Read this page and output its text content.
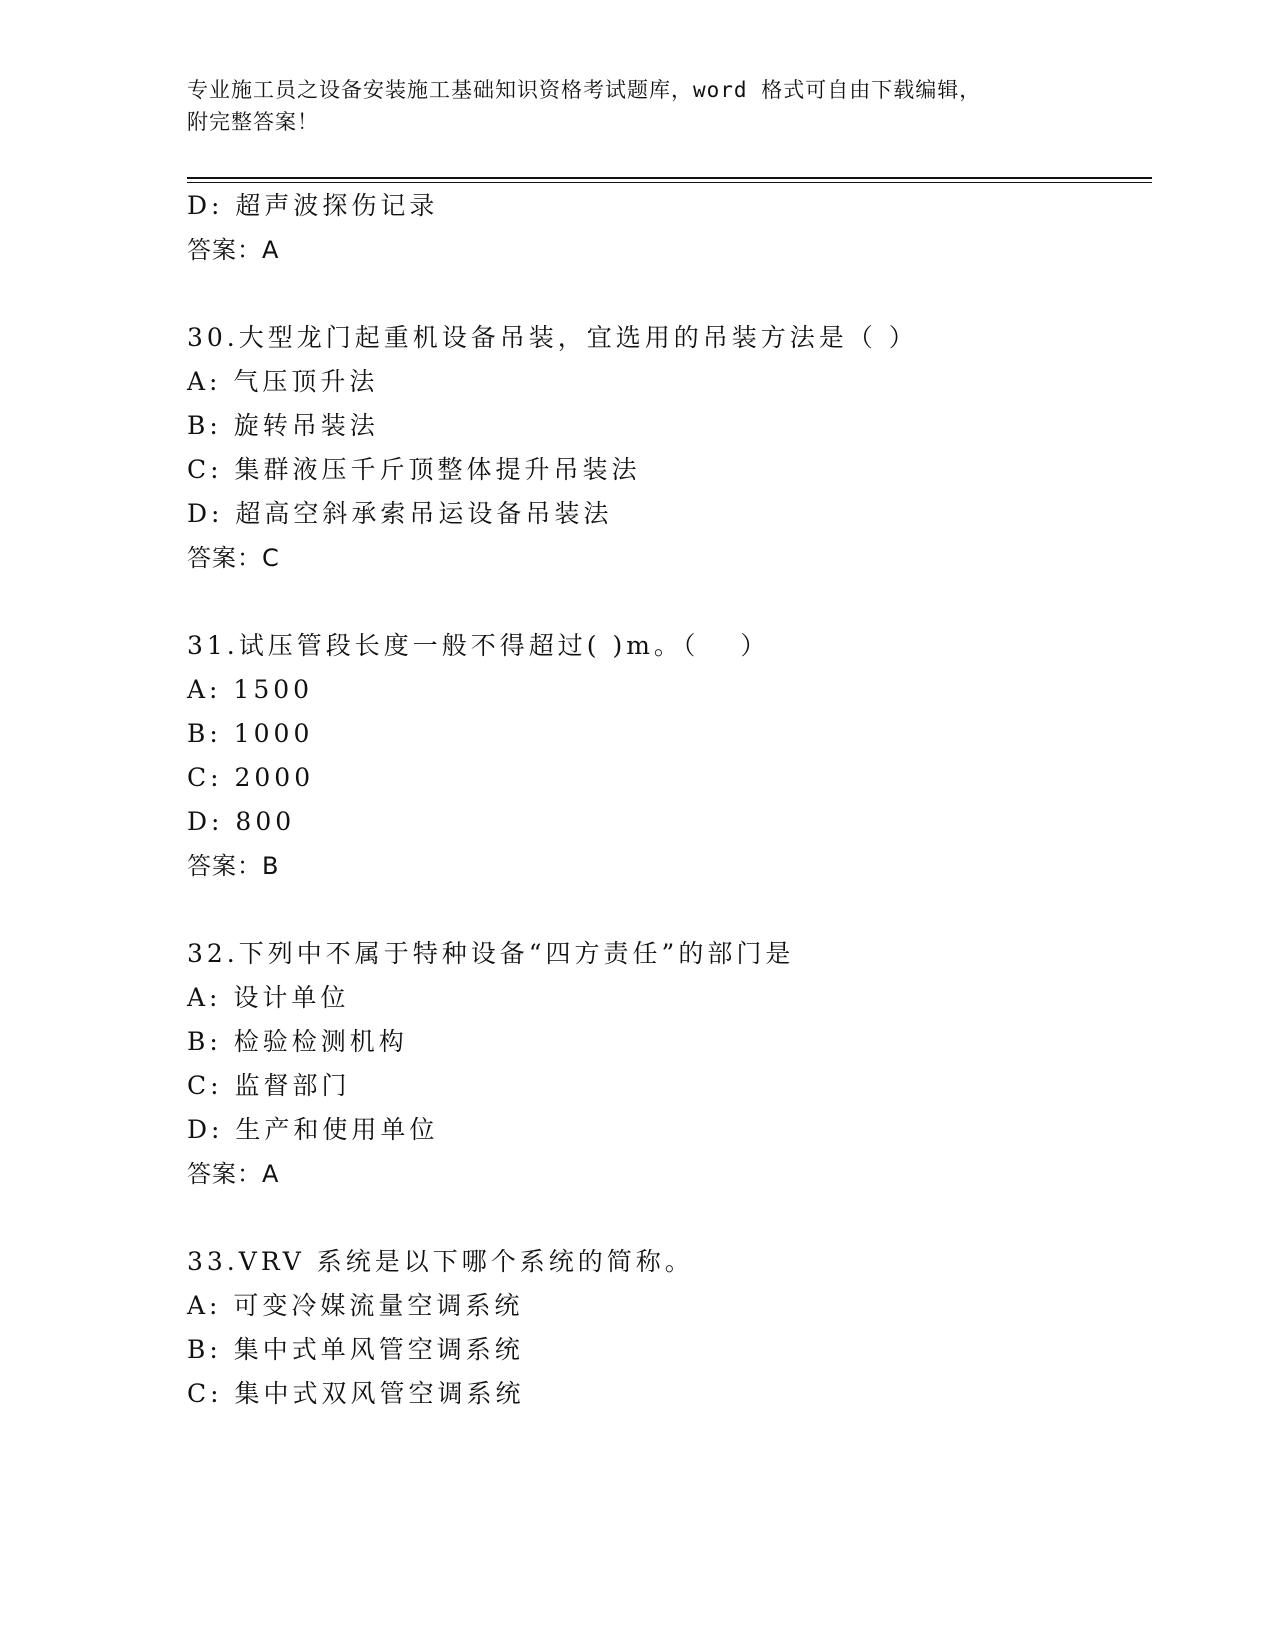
专业施工员之设备安装施工基础知识资格考试题库，word 格式可自由下载编辑，
附完整答案！
D: 超声波探伤记录
答案：A
30.大型龙门起重机设备吊装，宜选用的吊装方法是（ ）
A: 气压顶升法
B: 旋转吊装法
C: 集群液压千斤顶整体提升吊装法
D: 超高空斜承索吊运设备吊装法
答案：C
31.试压管段长度一般不得超过( )m。（　 ）
A: 1500
B: 1000
C: 2000
D: 800
答案：B
32.下列中不属于特种设备“四方责任”的部门是
A: 设计单位
B: 检验检测机构
C: 监督部门
D: 生产和使用单位
答案：A
33.VRV 系统是以下哪个系统的简称。
A: 可变冷媒流量空调系统
B: 集中式单风管空调系统
C: 集中式双风管空调系统
